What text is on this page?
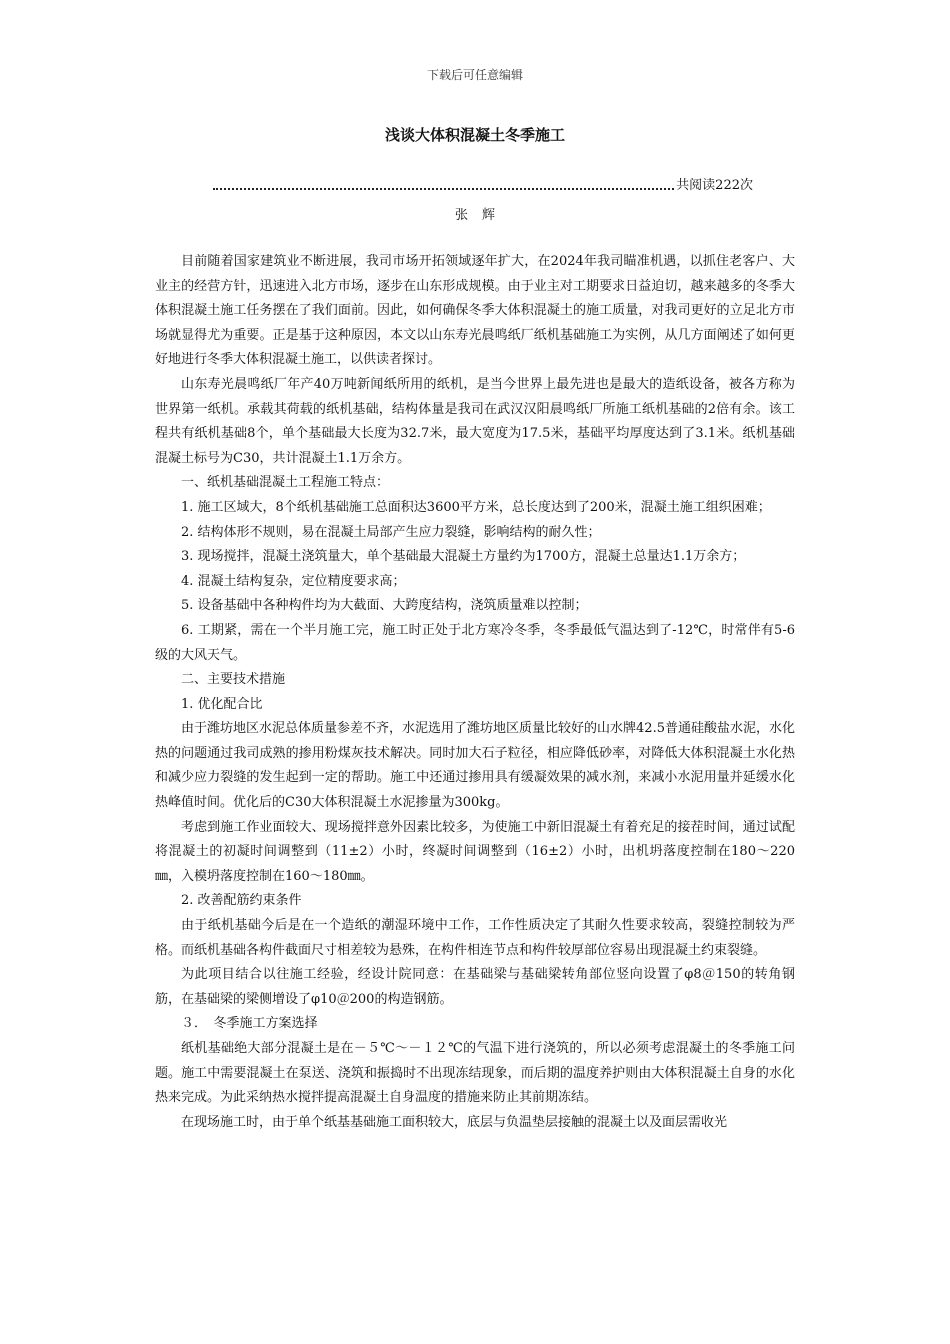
下载后可任意编辑
浅谈大体积混凝土冬季施工
共阅读222次
张辉

目前随着国家建筑业不断进展，我司市场开拓领域逐年扩大，在2024年我司瞄准机遇，以抓住老客户、大业主的经营方针，迅速进入北方市场，逐步在山东形成规模。由于业主对工期要求日益迫切，越来越多的冬季大体积混凝土施工任务摆在了我们面前。因此，如何确保冬季大体积混凝土的施工质量，对我司更好的立足北方市场就显得尤为重要。正是基于这种原因，本文以山东寿光晨鸣纸厂纸机基础施工为实例，从几方面阐述了如何更好地进行冬季大体积混凝土施工，以供读者探讨。

山东寿光晨鸣纸厂年产40万吨新闻纸所用的纸机，是当今世界上最先进也是最大的造纸设备，被各方称为世界第一纸机。承载其荷载的纸机基础，结构体量是我司在武汉汉阳晨鸣纸厂所施工纸机基础的2倍有余。该工程共有纸机基础8个，单个基础最大长度为32.7米，最大宽度为17.5米，基础平均厚度达到了3.1米。纸机基础混凝土标号为C30，共计混凝土1.1万余方。

一、纸机基础混凝土工程施工特点：

1. 施工区域大，8个纸机基础施工总面积达3600平方米，总长度达到了200米，混凝土施工组织困难；

2. 结构体形不规则，易在混凝土局部产生应力裂缝，影响结构的耐久性；

3. 现场搅拌，混凝土浇筑量大，单个基础最大混凝土方量约为1700方，混凝土总量达1.1万余方；

4. 混凝土结构复杂，定位精度要求高；

5. 设备基础中各种构件均为大截面、大跨度结构，浇筑质量难以控制；

6. 工期紧，需在一个半月施工完，施工时正处于北方寒冷冬季，冬季最低气温达到了-12℃，时常伴有5-6级的大风天气。

二、主要技术措施

1. 优化配合比

由于潍坊地区水泥总体质量参差不齐，水泥选用了潍坊地区质量比较好的山水牌42.5普通硅酸盐水泥，水化热的问题通过我司成熟的掺用粉煤灰技术解决。同时加大石子粒径，相应降低砂率，对降低大体积混凝土水化热和减少应力裂缝的发生起到一定的帮助。施工中还通过掺用具有缓凝效果的减水剂，来减小水泥用量并延缓水化热峰值时间。优化后的C30大体积混凝土水泥掺量为300kg。

考虑到施工作业面较大、现场搅拌意外因素比较多，为使施工中新旧混凝土有着充足的接茬时间，通过试配将混凝土的初凝时间调整到（11±2）小时，终凝时间调整到（16±2）小时，出机坍落度控制在180～220㎜，入模坍落度控制在160～180㎜。

2. 改善配筋约束条件

由于纸机基础今后是在一个造纸的潮湿环境中工作，工作性质决定了其耐久性要求较高，裂缝控制较为严格。而纸机基础各构件截面尺寸相差较为悬殊，在构件相连节点和构件较厚部位容易出现混凝土约束裂缝。

为此项目结合以往施工经验，经设计院同意：在基础梁与基础梁转角部位竖向设置了φ8＠150的转角钢筋，在基础梁的梁侧增设了φ10＠200的构造钢筋。

３．　冬季施工方案选择

纸机基础绝大部分混凝土是在－５℃～－１２℃的气温下进行浇筑的，所以必须考虑混凝土的冬季施工问题。施工中需要混凝土在泵送、浇筑和振捣时不出现冻结现象，而后期的温度养护则由大体积混凝土自身的水化热来完成。为此采纳热水搅拌提高混凝土自身温度的措施来防止其前期冻结。

在现场施工时，由于单个纸基基础施工面积较大，底层与负温垫层接触的混凝土以及面层需收光
